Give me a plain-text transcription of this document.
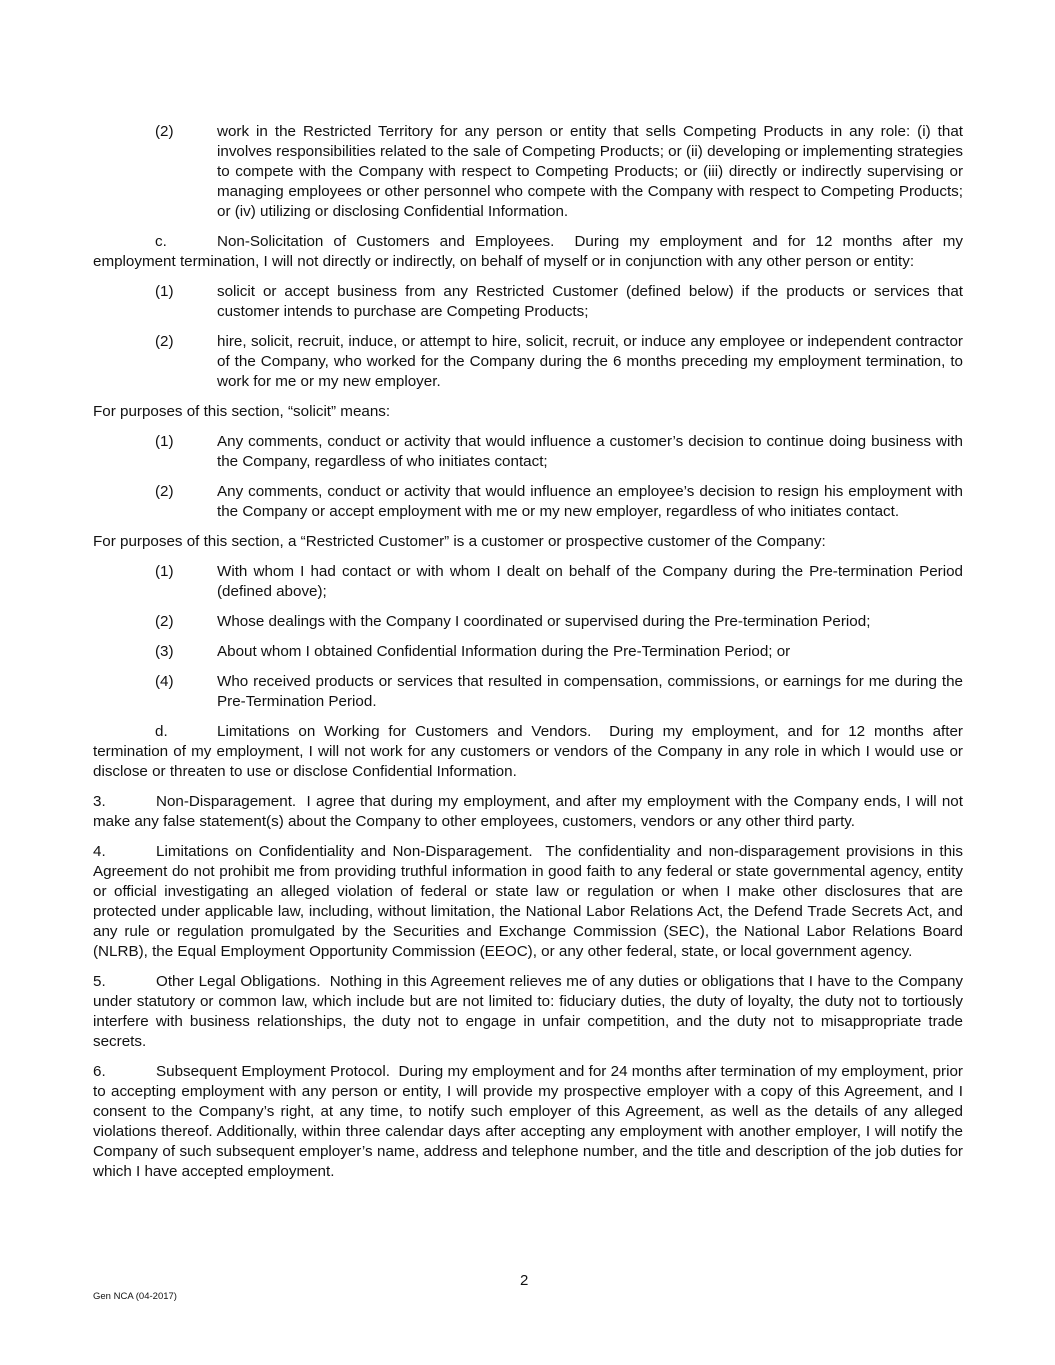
(2)	work in the Restricted Territory for any person or entity that sells Competing Products in any role: (i) that involves responsibilities related to the sale of Competing Products; or (ii) developing or implementing strategies to compete with the Company with respect to Competing Products; or (iii) directly or indirectly supervising or managing employees or other personnel who compete with the Company with respect to Competing Products; or (iv) utilizing or disclosing Confidential Information.
c.	Non-Solicitation of Customers and Employees. During my employment and for 12 months after my employment termination, I will not directly or indirectly, on behalf of myself or in conjunction with any other person or entity:
(1)	solicit or accept business from any Restricted Customer (defined below) if the products or services that customer intends to purchase are Competing Products;
(2)	hire, solicit, recruit, induce, or attempt to hire, solicit, recruit, or induce any employee or independent contractor of the Company, who worked for the Company during the 6 months preceding my employment termination, to work for me or my new employer.
For purposes of this section, “solicit” means:
(1)	Any comments, conduct or activity that would influence a customer’s decision to continue doing business with the Company, regardless of who initiates contact;
(2)	Any comments, conduct or activity that would influence an employee’s decision to resign his employment with the Company or accept employment with me or my new employer, regardless of who initiates contact.
For purposes of this section, a “Restricted Customer” is a customer or prospective customer of the Company:
(1)	With whom I had contact or with whom I dealt on behalf of the Company during the Pre-termination Period (defined above);
(2)	Whose dealings with the Company I coordinated or supervised during the Pre-termination Period;
(3)	About whom I obtained Confidential Information during the Pre-Termination Period; or
(4)	Who received products or services that resulted in compensation, commissions, or earnings for me during the Pre-Termination Period.
d.	Limitations on Working for Customers and Vendors. During my employment, and for 12 months after termination of my employment, I will not work for any customers or vendors of the Company in any role in which I would use or disclose or threaten to use or disclose Confidential Information.
3.	Non-Disparagement. I agree that during my employment, and after my employment with the Company ends, I will not make any false statement(s) about the Company to other employees, customers, vendors or any other third party.
4.	Limitations on Confidentiality and Non-Disparagement. The confidentiality and non-disparagement provisions in this Agreement do not prohibit me from providing truthful information in good faith to any federal or state governmental agency, entity or official investigating an alleged violation of federal or state law or regulation or when I make other disclosures that are protected under applicable law, including, without limitation, the National Labor Relations Act, the Defend Trade Secrets Act, and any rule or regulation promulgated by the Securities and Exchange Commission (SEC), the National Labor Relations Board (NLRB), the Equal Employment Opportunity Commission (EEOC), or any other federal, state, or local government agency.
5.	Other Legal Obligations. Nothing in this Agreement relieves me of any duties or obligations that I have to the Company under statutory or common law, which include but are not limited to: fiduciary duties, the duty of loyalty, the duty not to tortiously interfere with business relationships, the duty not to engage in unfair competition, and the duty not to misappropriate trade secrets.
6.	Subsequent Employment Protocol. During my employment and for 24 months after termination of my employment, prior to accepting employment with any person or entity, I will provide my prospective employer with a copy of this Agreement, and I consent to the Company’s right, at any time, to notify such employer of this Agreement, as well as the details of any alleged violations thereof. Additionally, within three calendar days after accepting any employment with another employer, I will notify the Company of such subsequent employer’s name, address and telephone number, and the title and description of the job duties for which I have accepted employment.
2
Gen NCA (04-2017)
